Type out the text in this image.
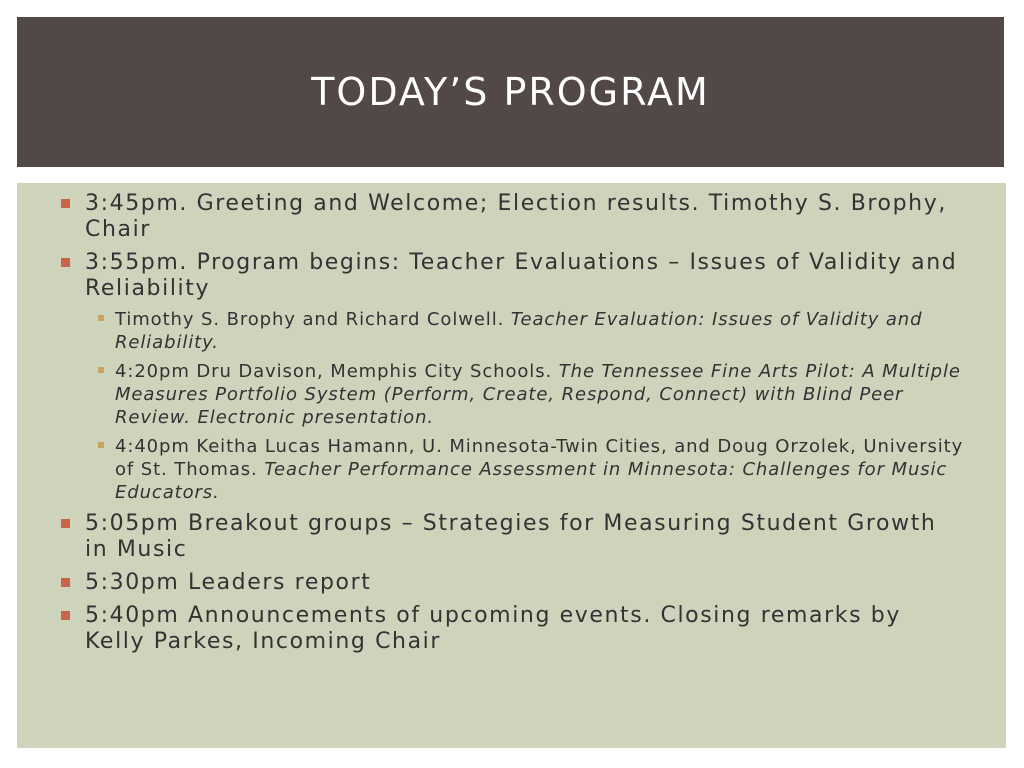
TODAY’S PROGRAM
3:45pm. Greeting and Welcome; Election results. Timothy S. Brophy, Chair
3:55pm. Program begins: Teacher Evaluations – Issues of Validity and Reliability
Timothy S. Brophy and Richard Colwell. Teacher Evaluation: Issues of Validity and Reliability.
4:20pm Dru Davison, Memphis City Schools. The Tennessee Fine Arts Pilot: A Multiple Measures Portfolio System (Perform, Create, Respond, Connect) with Blind Peer Review. Electronic presentation.
4:40pm Keitha Lucas Hamann, U. Minnesota-Twin Cities, and Doug Orzolek, University of St. Thomas. Teacher Performance Assessment in Minnesota: Challenges for Music Educators.
5:05pm Breakout groups – Strategies for Measuring Student Growth in Music
5:30pm Leaders report
5:40pm Announcements of upcoming events. Closing remarks by Kelly Parkes, Incoming Chair
